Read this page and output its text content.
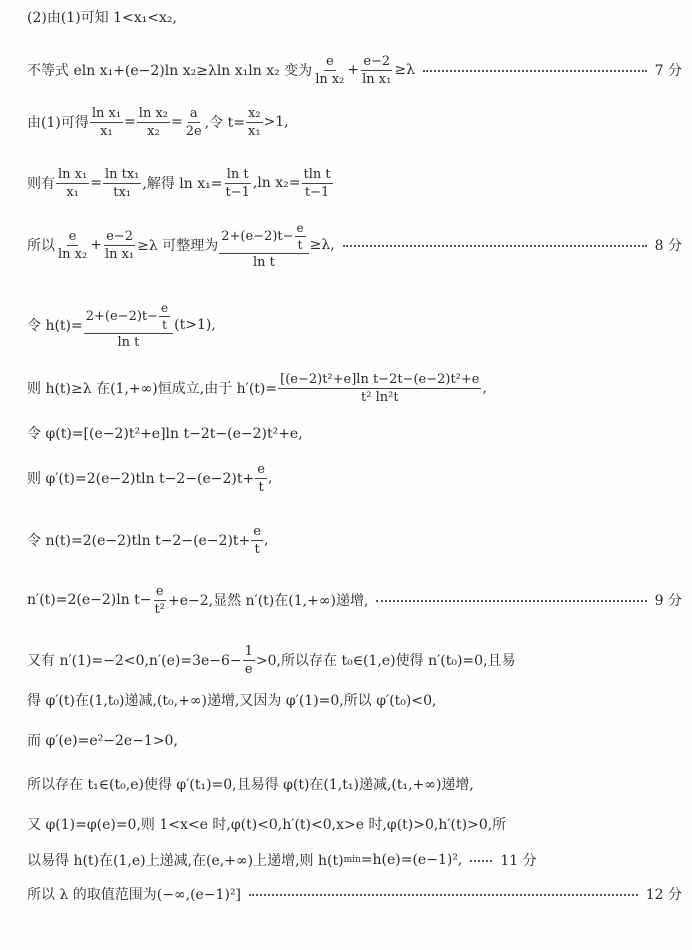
(2)由(1)可知 1<x₁<x₂,
不等式 eln x₁+(e−2)ln x₂≥λln x₁ln x₂ 变为 $\frac{e}{\text{ln x₂}} + \frac{e-2}{\text{ln x₁}} \ge\lambda$	7 分
由(1)可得 $\frac{\text{ln x₁}}{\text{x₁}} = \frac{\text{ln x₂}}{\text{x₂}} = \frac{a}{2e}$ ,令 $t= \frac{\text{x₂}}{\text{x₁}} >1$,
则有 $\frac{\text{ln x₁}}{\text{x₁}} = \frac{\text{ln tx₁}}{\text{tx₁}}$ ,解得 $\ln x_1= \frac{\text{ln t}}{t-1} ,\ln$ $x_2= \frac{\text{tln t}}{t-1}$
所以 $\frac{e}{\text{ln x₂}} + \frac{e-2}{\text{ln x₁}} \ge\lambda$ 可整理为 $\frac{2+(e-2)t- \frac{e}{t}}{\text{ln t}} \ge\lambda$,	8 分
令 $h(t)= \frac{2+(e-2)t- \frac{e}{t}}{\text{ln t}} (t>1)$,
则 h(t)≥λ 在(1,+∞)恒成立,由于 $h'(t)= \frac{\text{[(e−2)t²+e]ln t−2t−(e−2)t²+e}}{\text{t² ln²t}}$ ,
令 φ(t)=[(e−2)t²+e]ln t−2t−(e−2)t²+e,
则 φ′(t)=2(e−2)tln $t-2-(e-2)t+ \frac{e}{t}$ ,
令 n(t)=2(e−2)tln $t-2-(e-2)t+ \frac{e}{t}$ ,
n′(t)=2(e−2)ln $t- \frac{e}{\text{t²}} +e-2$,显然 n′(t)在(1,+∞)递增,	9 分
又有 $n'(1)=-2<0,n'(e)=3e-6- \frac{1}{e} >0$,所以存在 t₀∈(1,e)使得 n′(t₀)=0,且易
得 φ′(t)在(1,t₀)递减,(t₀,+∞)递增,又因为 φ′(1)=0,所以 φ′(t₀)<0,
而 φ′(e)=e²−2e−1>0,
所以存在 t₁∈(t₀,e)使得 φ′(t₁)=0,且易得 φ(t)在(1,t₁)递减,(t₁,+∞)递增,
又 φ(1)=φ(e)=0,则 1<x<e 时,φ(t)<0,h′(t)<0,x>e 时,φ(t)>0,h′(t)>0,所
以易得 h(t)在(1,e)上递减,在(e,+∞)上递增,则 h(t) min =h(e)=(e−1)²,	11 分
所以 λ 的取值范围为(−∞,(e−1)²]	12 分
